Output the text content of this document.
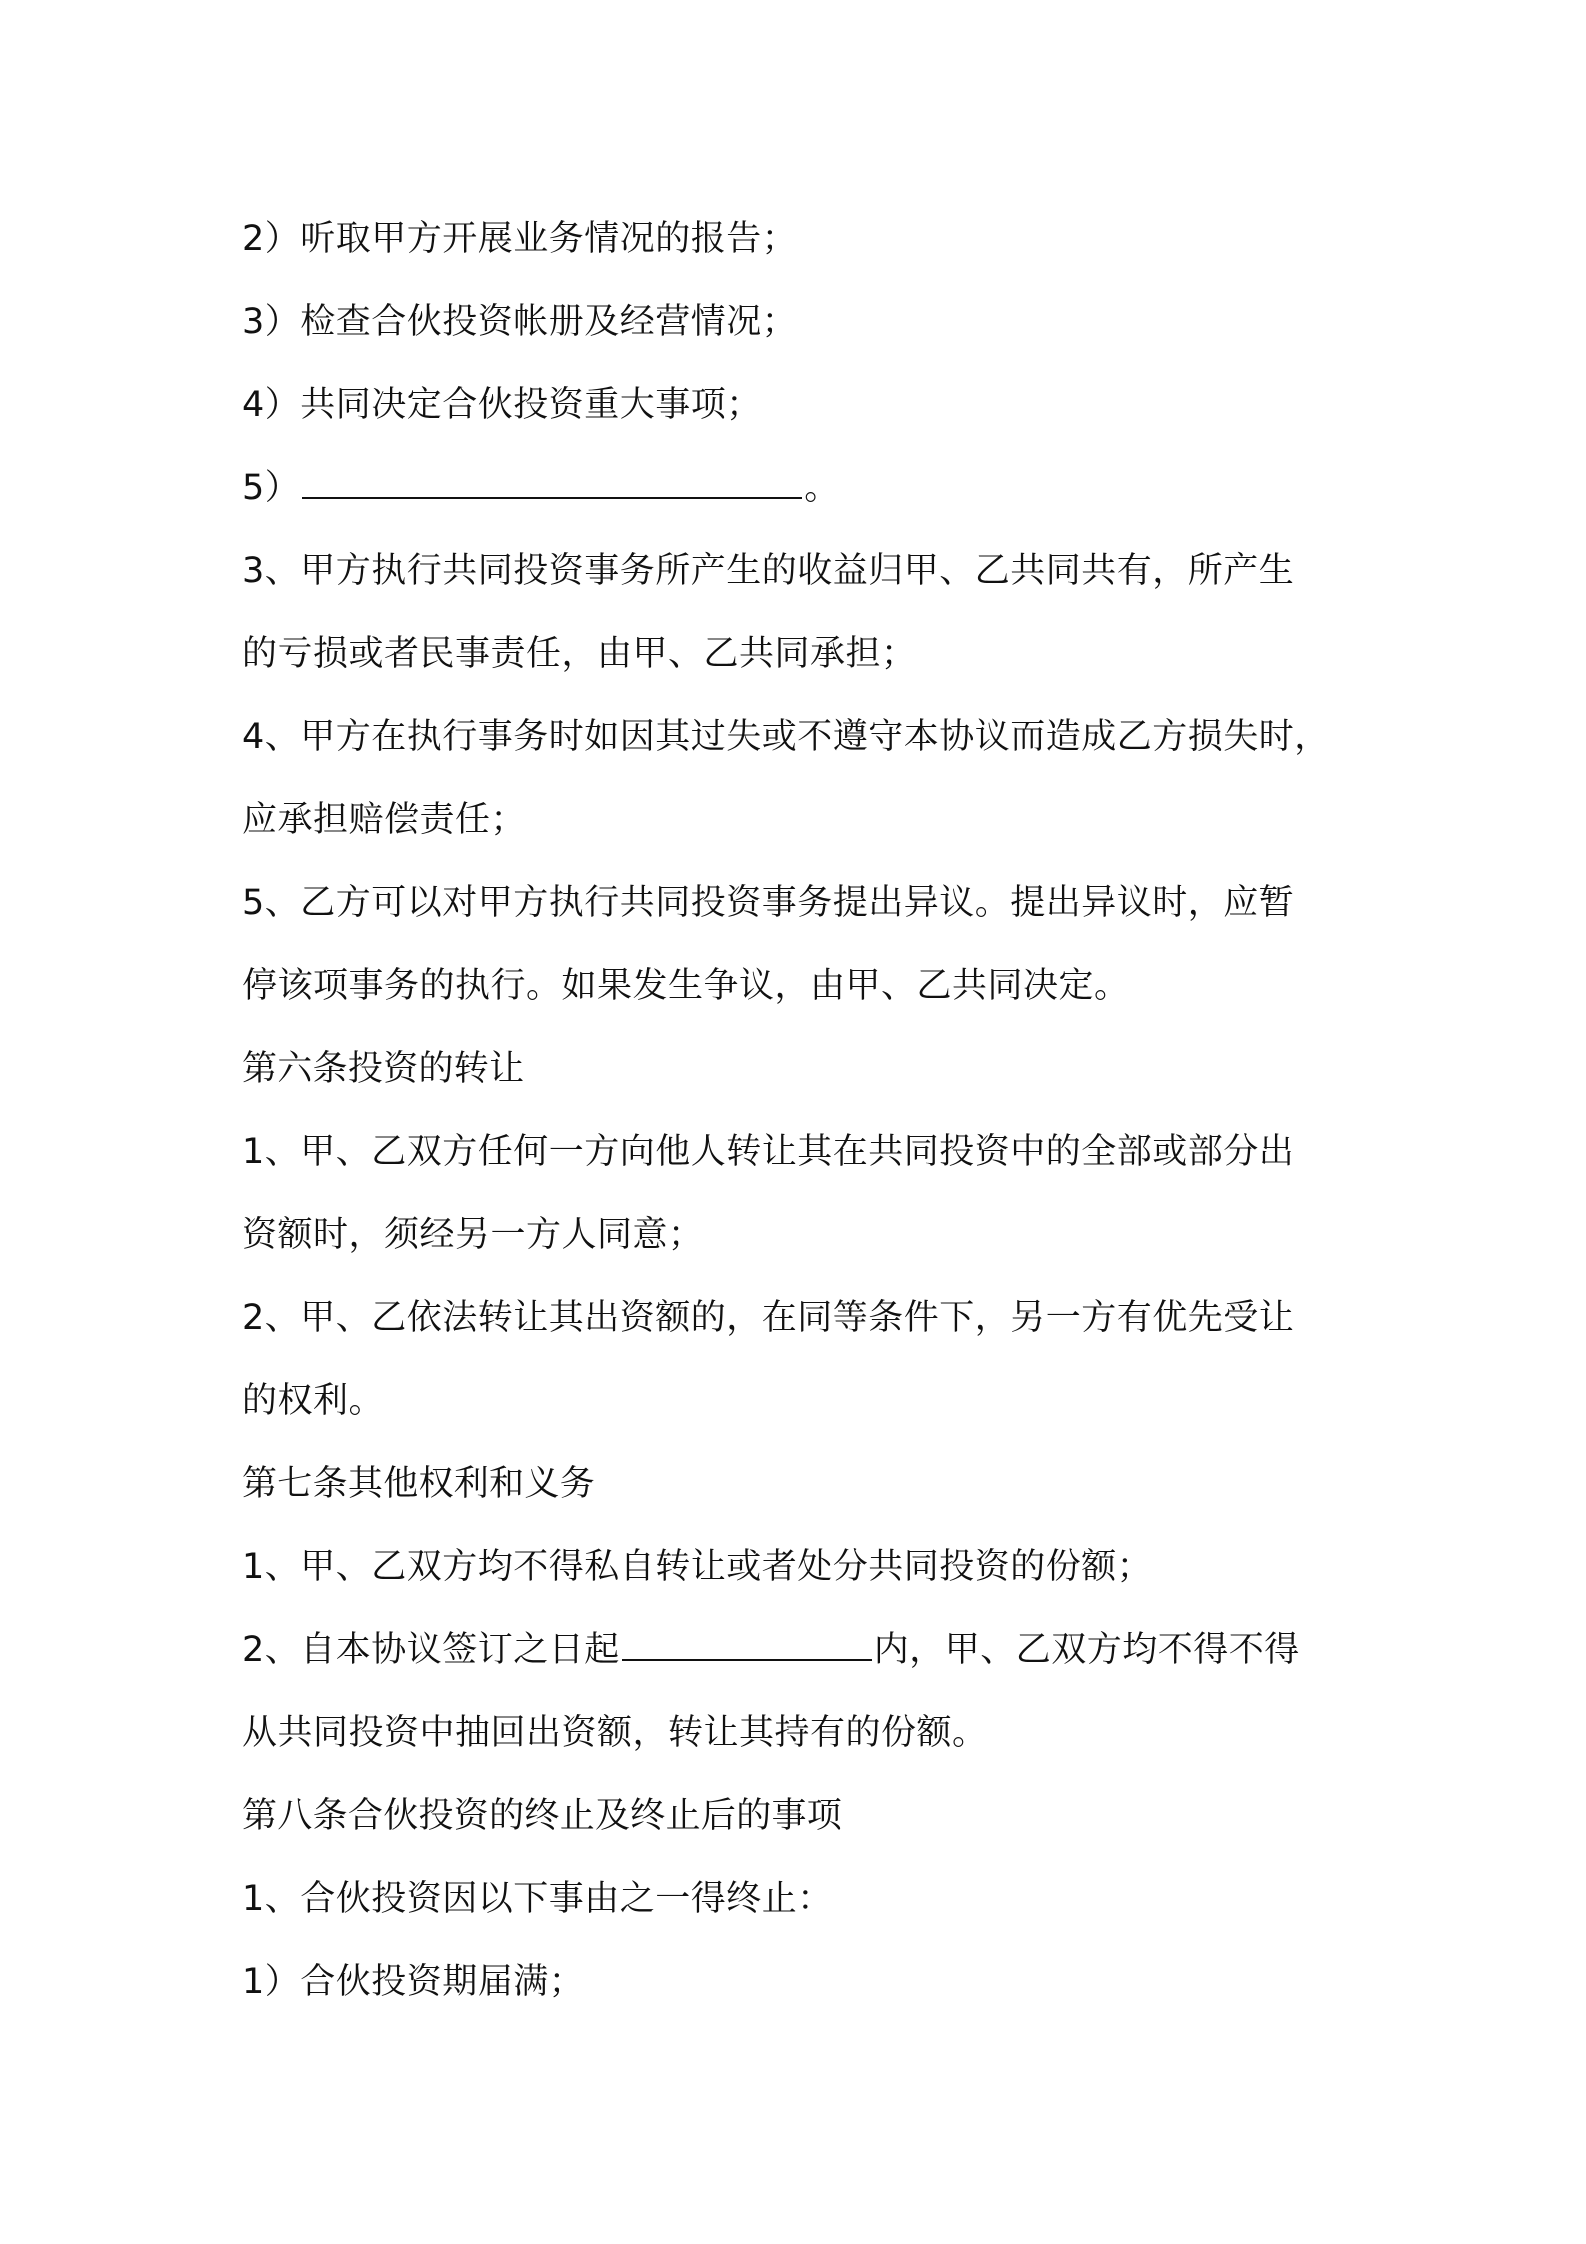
2）听取甲方开展业务情况的报告；
3）检查合伙投资帐册及经营情况；
4）共同决定合伙投资重大事项；
5）	。
3、甲方执行共同投资事务所产生的收益归甲、乙共同共有，所产生
的亏损或者民事责任，由甲、乙共同承担；
4、甲方在执行事务时如因其过失或不遵守本协议而造成乙方损失时，
应承担赔偿责任；
5、乙方可以对甲方执行共同投资事务提出异议。提出异议时，应暂
停该项事务的执行。如果发生争议，由甲、乙共同决定。
第六条投资的转让
1、甲、乙双方任何一方向他人转让其在共同投资中的全部或部分出
资额时，须经另一方人同意；
2、甲、乙依法转让其出资额的，在同等条件下，另一方有优先受让
的权利。
第七条其他权利和义务
1、甲、乙双方均不得私自转让或者处分共同投资的份额；
2、自本协议签订之日起	内，甲、乙双方均不得不得
从共同投资中抽回出资额，转让其持有的份额。
第八条合伙投资的终止及终止后的事项
1、合伙投资因以下事由之一得终止：
1）合伙投资期届满；
